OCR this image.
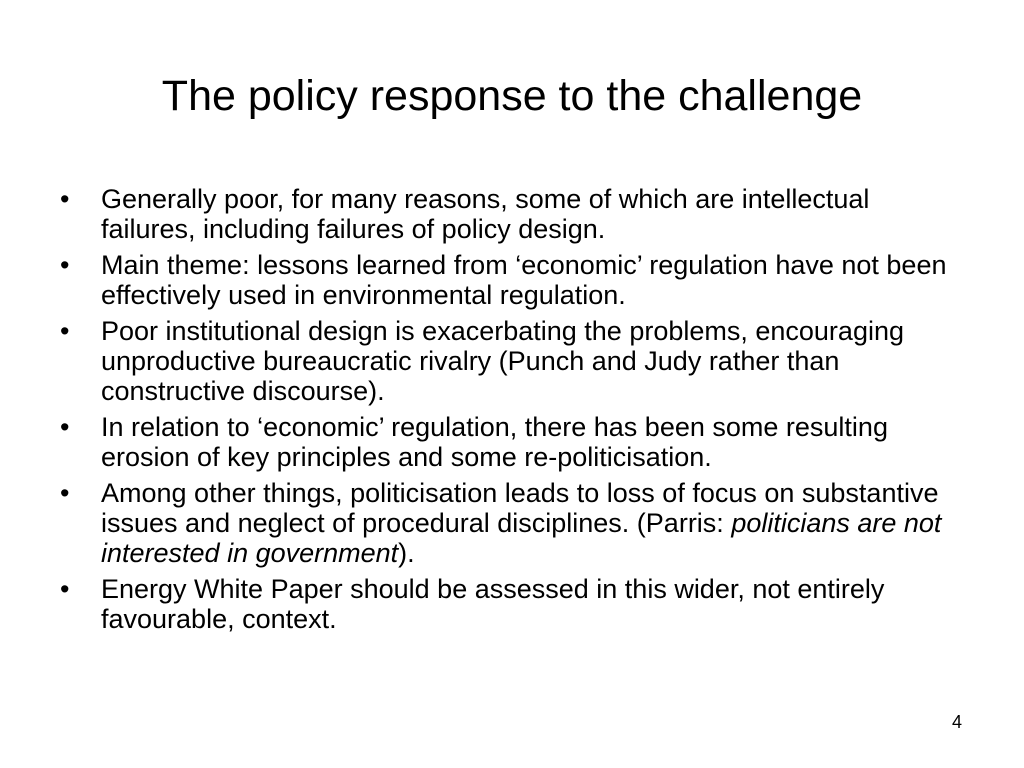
The policy response to the challenge
• Generally poor, for many reasons, some of which are intellectual failures, including failures of policy design.
• Main theme: lessons learned from ‘economic’ regulation have not been effectively used in environmental regulation.
• Poor institutional design is exacerbating the problems, encouraging unproductive bureaucratic rivalry (Punch and Judy rather than constructive discourse).
• In relation to ‘economic’ regulation, there has been some resulting erosion of key principles and some re-politicisation.
• Among other things, politicisation leads to loss of focus on substantive issues and neglect of procedural disciplines. (Parris: politicians are not interested in government).
• Energy White Paper should be assessed in this wider, not entirely favourable, context.
4
